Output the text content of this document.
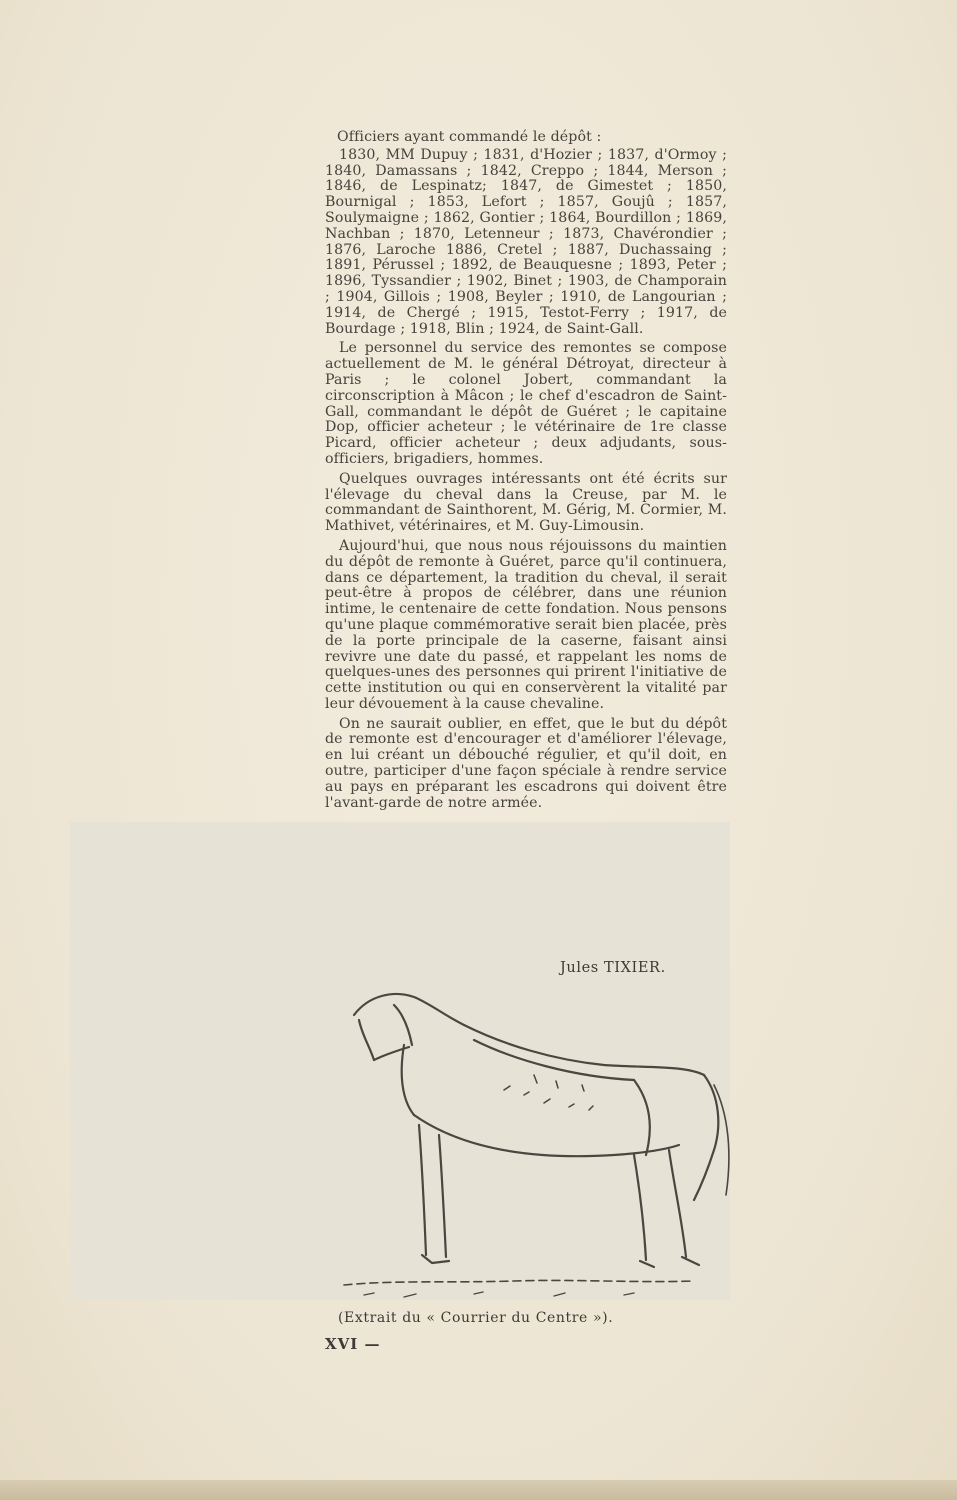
Officiers ayant commandé le dépôt :

1830, MM Dupuy ; 1831, d'Hozier ; 1837, d'Ormoy ; 1840, Damassans ; 1842, Creppo ; 1844, Merson ; 1846, de Lespinatz; 1847, de Gimestet ; 1850, Bournigal ; 1853, Lefort ; 1857, Goujû ; 1857, Soulymaigne ; 1862, Gontier ; 1864, Bourdillon ; 1869, Nachban ; 1870, Letenneur ; 1873, Chavérondier ; 1876, Laroche 1886, Cretel ; 1887, Duchassaing ; 1891, Pérussel ; 1892, de Beauquesne ; 1893, Peter ; 1896, Tyssandier ; 1902, Binet ; 1903, de Champorain ; 1904, Gillois ; 1908, Beyler ; 1910, de Langourian ; 1914, de Chergé ; 1915, Testot-Ferry ; 1917, de Bourdage ; 1918, Blin ; 1924, de Saint-Gall.

Le personnel du service des remontes se compose actuellement de M. le général Détroyat, directeur à Paris ; le colonel Jobert, commandant la circonscription à Mâcon ; le chef d'escadron de Saint-Gall, commandant le dépôt de Guéret ; le capitaine Dop, officier acheteur ; le vétérinaire de 1re classe Picard, officier acheteur ; deux adjudants, sous-officiers, brigadiers, hommes.

Quelques ouvrages intéressants ont été écrits sur l'élevage du cheval dans la Creuse, par M. le commandant de Sainthorent, M. Gérig, M. Cormier, M. Mathivet, vétérinaires, et M. Guy-Limousin.

Aujourd'hui, que nous nous réjouissons du maintien du dépôt de remonte à Guéret, parce qu'il continuera, dans ce département, la tradition du cheval, il serait peut-être à propos de célébrer, dans une réunion intime, le centenaire de cette fondation. Nous pensons qu'une plaque commémorative serait bien placée, près de la porte principale de la caserne, faisant ainsi revivre une date du passé, et rappelant les noms de quelques-unes des personnes qui prirent l'initiative de cette institution ou qui en conservèrent la vitalité par leur dévouement à la cause chevaline.

On ne saurait oublier, en effet, que le but du dépôt de remonte est d'encourager et d'améliorer l'élevage, en lui créant un débouché régulier, et qu'il doit, en outre, participer d'une façon spéciale à rendre service au pays en préparant les escadrons qui doivent être l'avant-garde de notre armée.

Jules TIXIER.
(Extrait du « Courrier du Centre »).
XVI —
